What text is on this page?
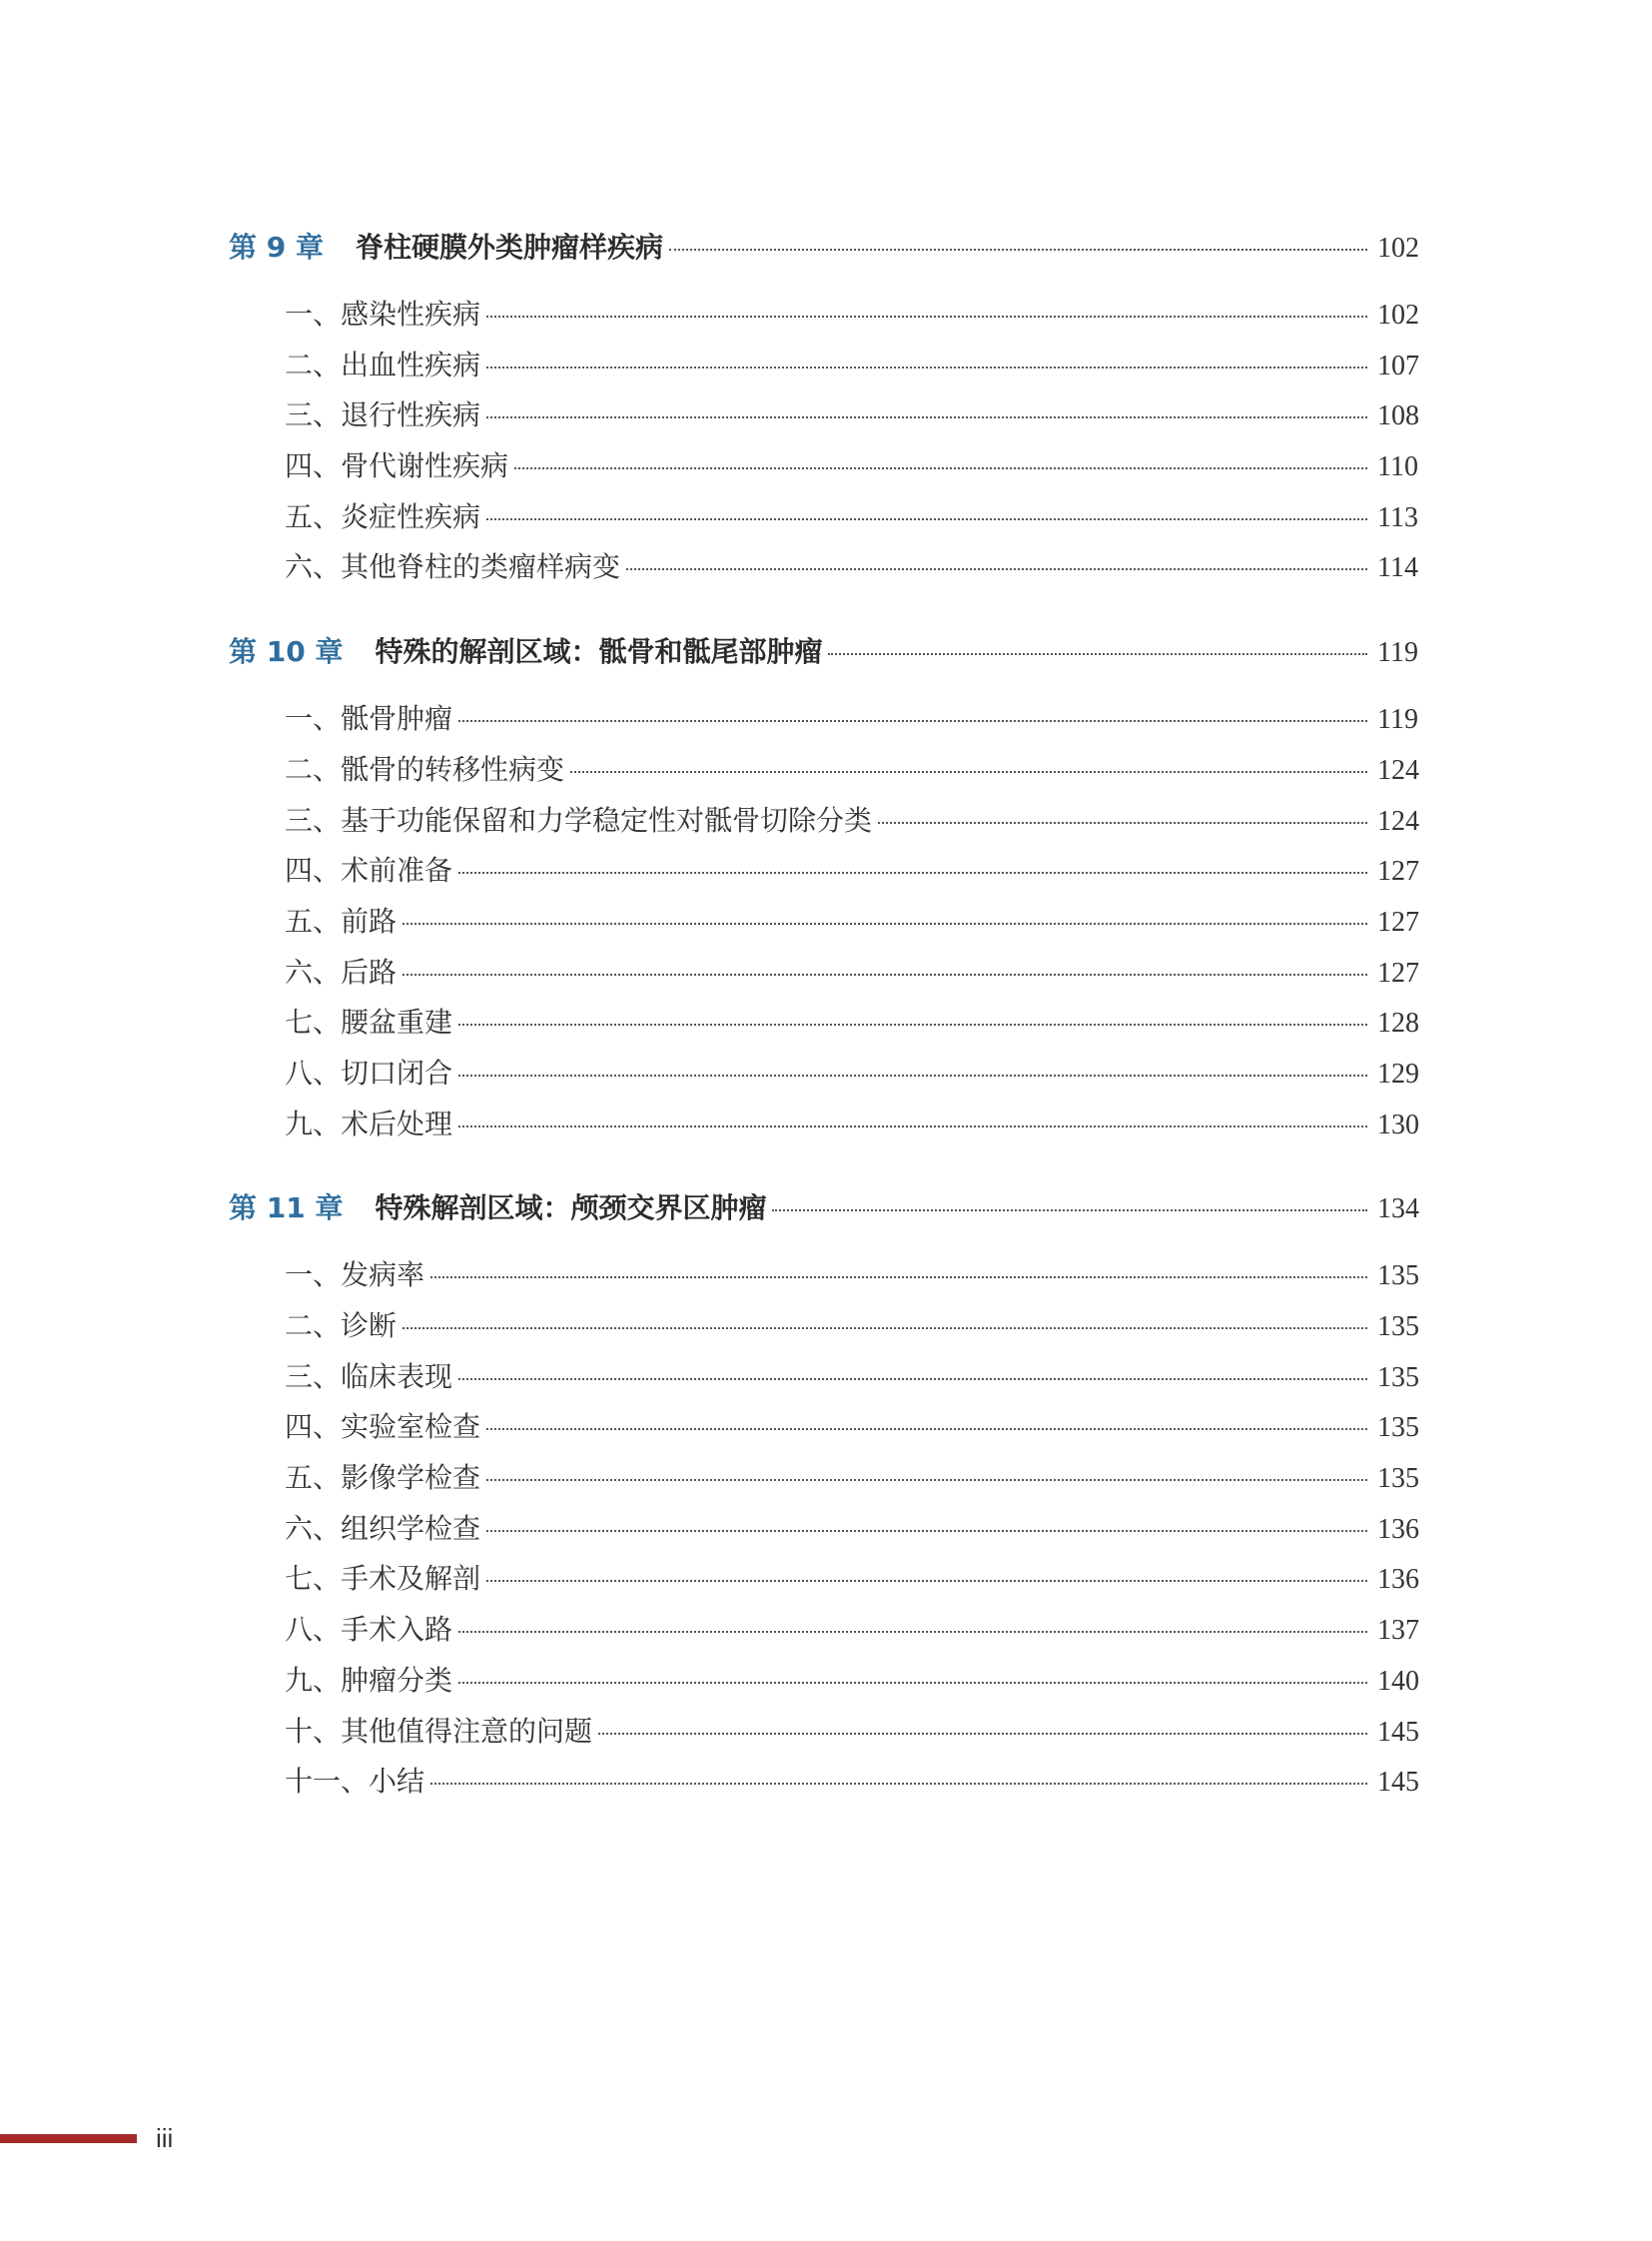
第 9 章 脊柱硬膜外类肿瘤样疾病	102
一、感染性疾病	102
二、出血性疾病	107
三、退行性疾病	108
四、骨代谢性疾病	110
五、炎症性疾病	113
六、其他脊柱的类瘤样病变	114
第 10 章 特殊的解剖区域：骶骨和骶尾部肿瘤	119
一、骶骨肿瘤	119
二、骶骨的转移性病变	124
三、基于功能保留和力学稳定性对骶骨切除分类	124
四、术前准备	127
五、前路	127
六、后路	127
七、腰盆重建	128
八、切口闭合	129
九、术后处理	130
第 11 章 特殊解剖区域：颅颈交界区肿瘤	134
一、发病率	135
二、诊断	135
三、临床表现	135
四、实验室检查	135
五、影像学检查	135
六、组织学检查	136
七、手术及解剖	136
八、手术入路	137
九、肿瘤分类	140
十、其他值得注意的问题	145
十一、小结	145
iii
